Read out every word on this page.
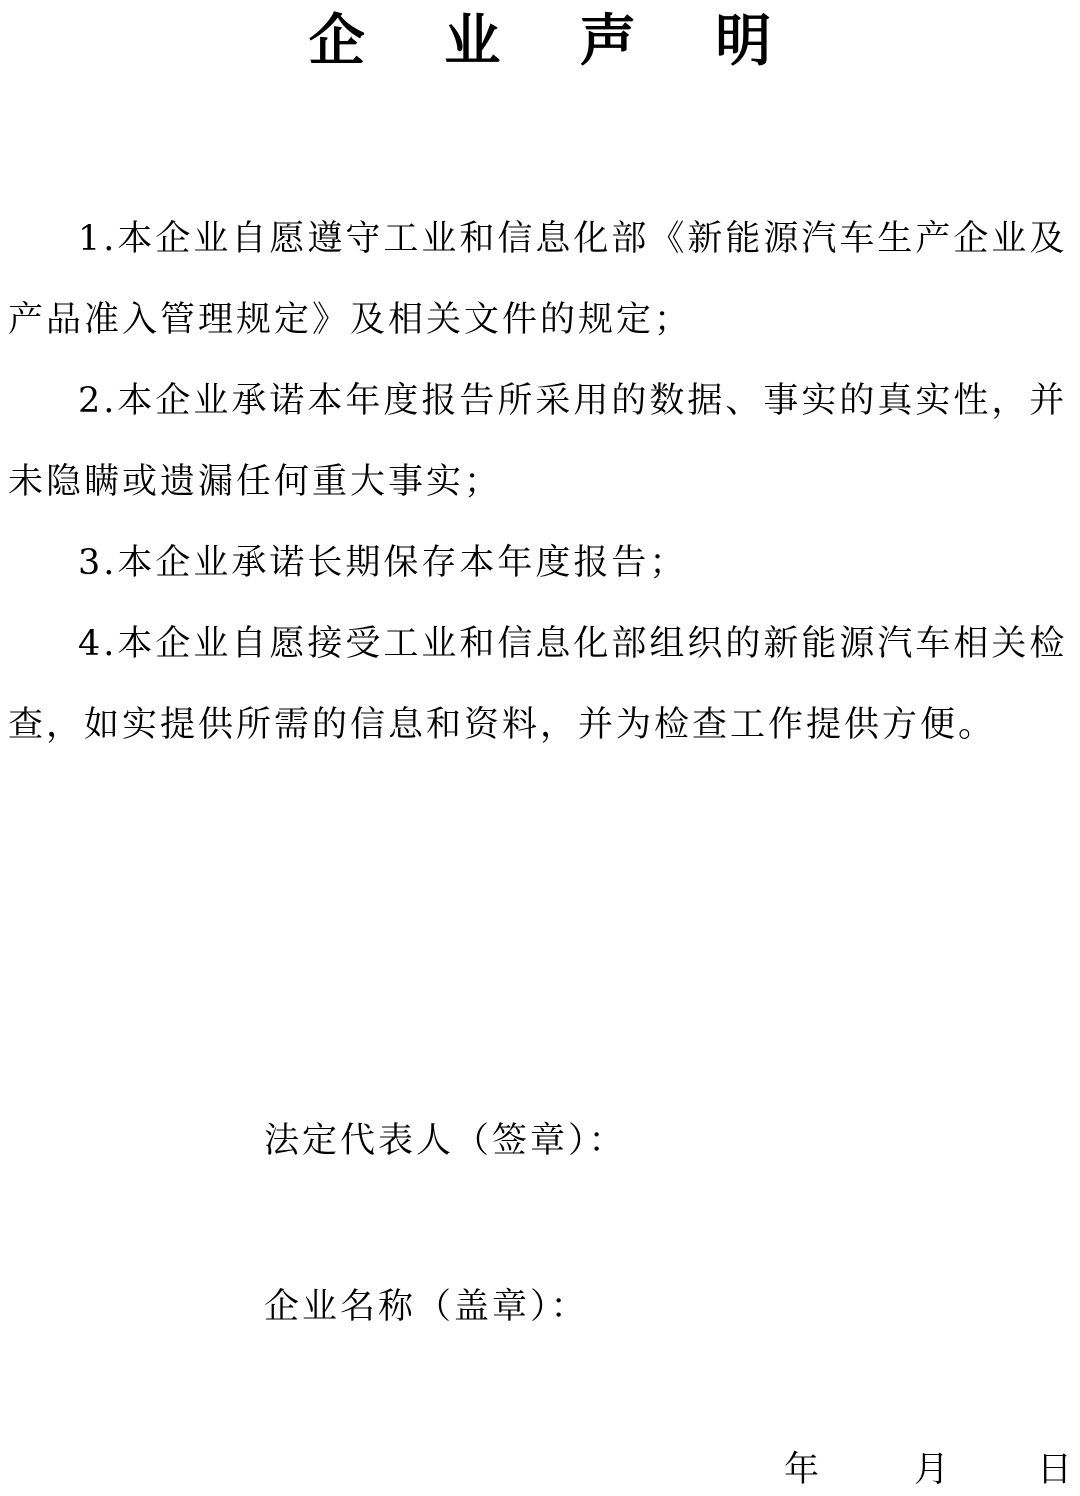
企 业 声 明

1.本企业自愿遵守工业和信息化部《新能源汽车生产企业及产品准入管理规定》及相关文件的规定；

2.本企业承诺本年度报告所采用的数据、事实的真实性，并未隐瞒或遗漏任何重大事实；

3.本企业承诺长期保存本年度报告；

4.本企业自愿接受工业和信息化部组织的新能源汽车相关检查，如实提供所需的信息和资料，并为检查工作提供方便。

法定代表人（签章）：
企业名称（盖章）：
年	月	日
